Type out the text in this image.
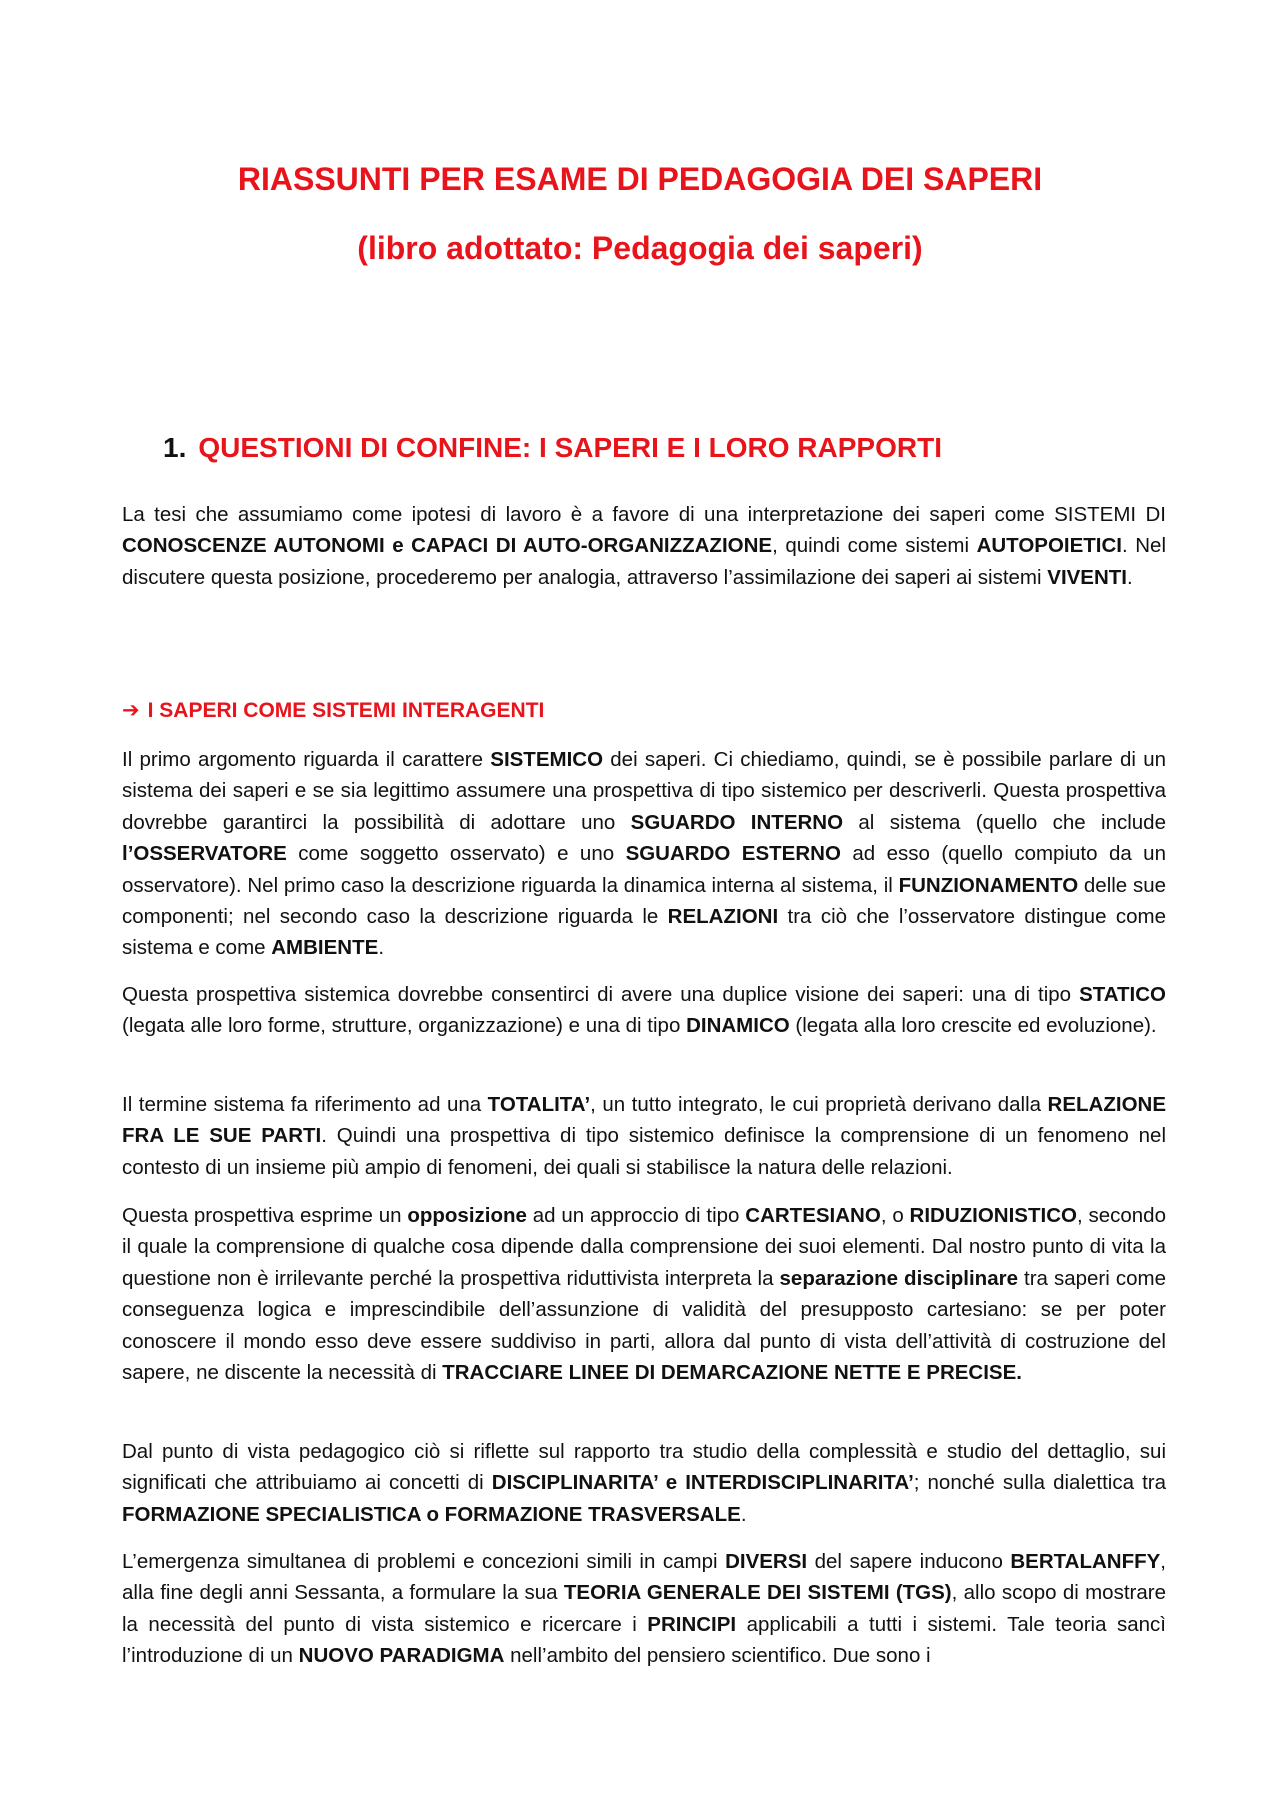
RIASSUNTI PER ESAME DI PEDAGOGIA DEI SAPERI
(libro adottato: Pedagogia dei saperi)
1. QUESTIONI DI CONFINE: I SAPERI E I LORO RAPPORTI

La tesi che assumiamo come ipotesi di lavoro è a favore di una interpretazione dei saperi come SISTEMI DI CONOSCENZE AUTONOMI e CAPACI DI AUTO-ORGANIZZAZIONE, quindi come sistemi AUTOPOIETICI. Nel discutere questa posizione, procederemo per analogia, attraverso l’assimilazione dei saperi ai sistemi VIVENTI.

➔ I SAPERI COME SISTEMI INTERAGENTI

Il primo argomento riguarda il carattere SISTEMICO dei saperi. Ci chiediamo, quindi, se è possibile parlare di un sistema dei saperi e se sia legittimo assumere una prospettiva di tipo sistemico per descriverli. Questa prospettiva dovrebbe garantirci la possibilità di adottare uno SGUARDO INTERNO al sistema (quello che include l’OSSERVATORE come soggetto osservato) e uno SGUARDO ESTERNO ad esso (quello compiuto da un osservatore). Nel primo caso la descrizione riguarda la dinamica interna al sistema, il FUNZIONAMENTO delle sue componenti; nel secondo caso la descrizione riguarda le RELAZIONI tra ciò che l’osservatore distingue come sistema e come AMBIENTE.

Questa prospettiva sistemica dovrebbe consentirci di avere una duplice visione dei saperi: una di tipo STATICO (legata alle loro forme, strutture, organizzazione) e una di tipo DINAMICO (legata alla loro crescite ed evoluzione).

Il termine sistema fa riferimento ad una TOTALITA’, un tutto integrato, le cui proprietà derivano dalla RELAZIONE FRA LE SUE PARTI. Quindi una prospettiva di tipo sistemico definisce la comprensione di un fenomeno nel contesto di un insieme più ampio di fenomeni, dei quali si stabilisce la natura delle relazioni.

Questa prospettiva esprime un opposizione ad un approccio di tipo CARTESIANO, o RIDUZIONISTICO, secondo il quale la comprensione di qualche cosa dipende dalla comprensione dei suoi elementi. Dal nostro punto di vita la questione non è irrilevante perché la prospettiva riduttivista interpreta la separazione disciplinare tra saperi come conseguenza logica e imprescindibile dell’assunzione di validità del presupposto cartesiano: se per poter conoscere il mondo esso deve essere suddiviso in parti, allora dal punto di vista dell’attività di costruzione del sapere, ne discente la necessità di TRACCIARE LINEE DI DEMARCAZIONE NETTE E PRECISE.

Dal punto di vista pedagogico ciò si riflette sul rapporto tra studio della complessità e studio del dettaglio, sui significati che attribuiamo ai concetti di DISCIPLINARITA’ e INTERDISCIPLINARITA’; nonché sulla dialettica tra FORMAZIONE SPECIALISTICA o FORMAZIONE TRASVERSALE.

L’emergenza simultanea di problemi e concezioni simili in campi DIVERSI del sapere inducono BERTALANFFY, alla fine degli anni Sessanta, a formulare la sua TEORIA GENERALE DEI SISTEMI (TGS), allo scopo di mostrare la necessità del punto di vista sistemico e ricercare i PRINCIPI applicabili a tutti i sistemi. Tale teoria sancì l’introduzione di un NUOVO PARADIGMA nell’ambito del pensiero scientifico. Due sono i
